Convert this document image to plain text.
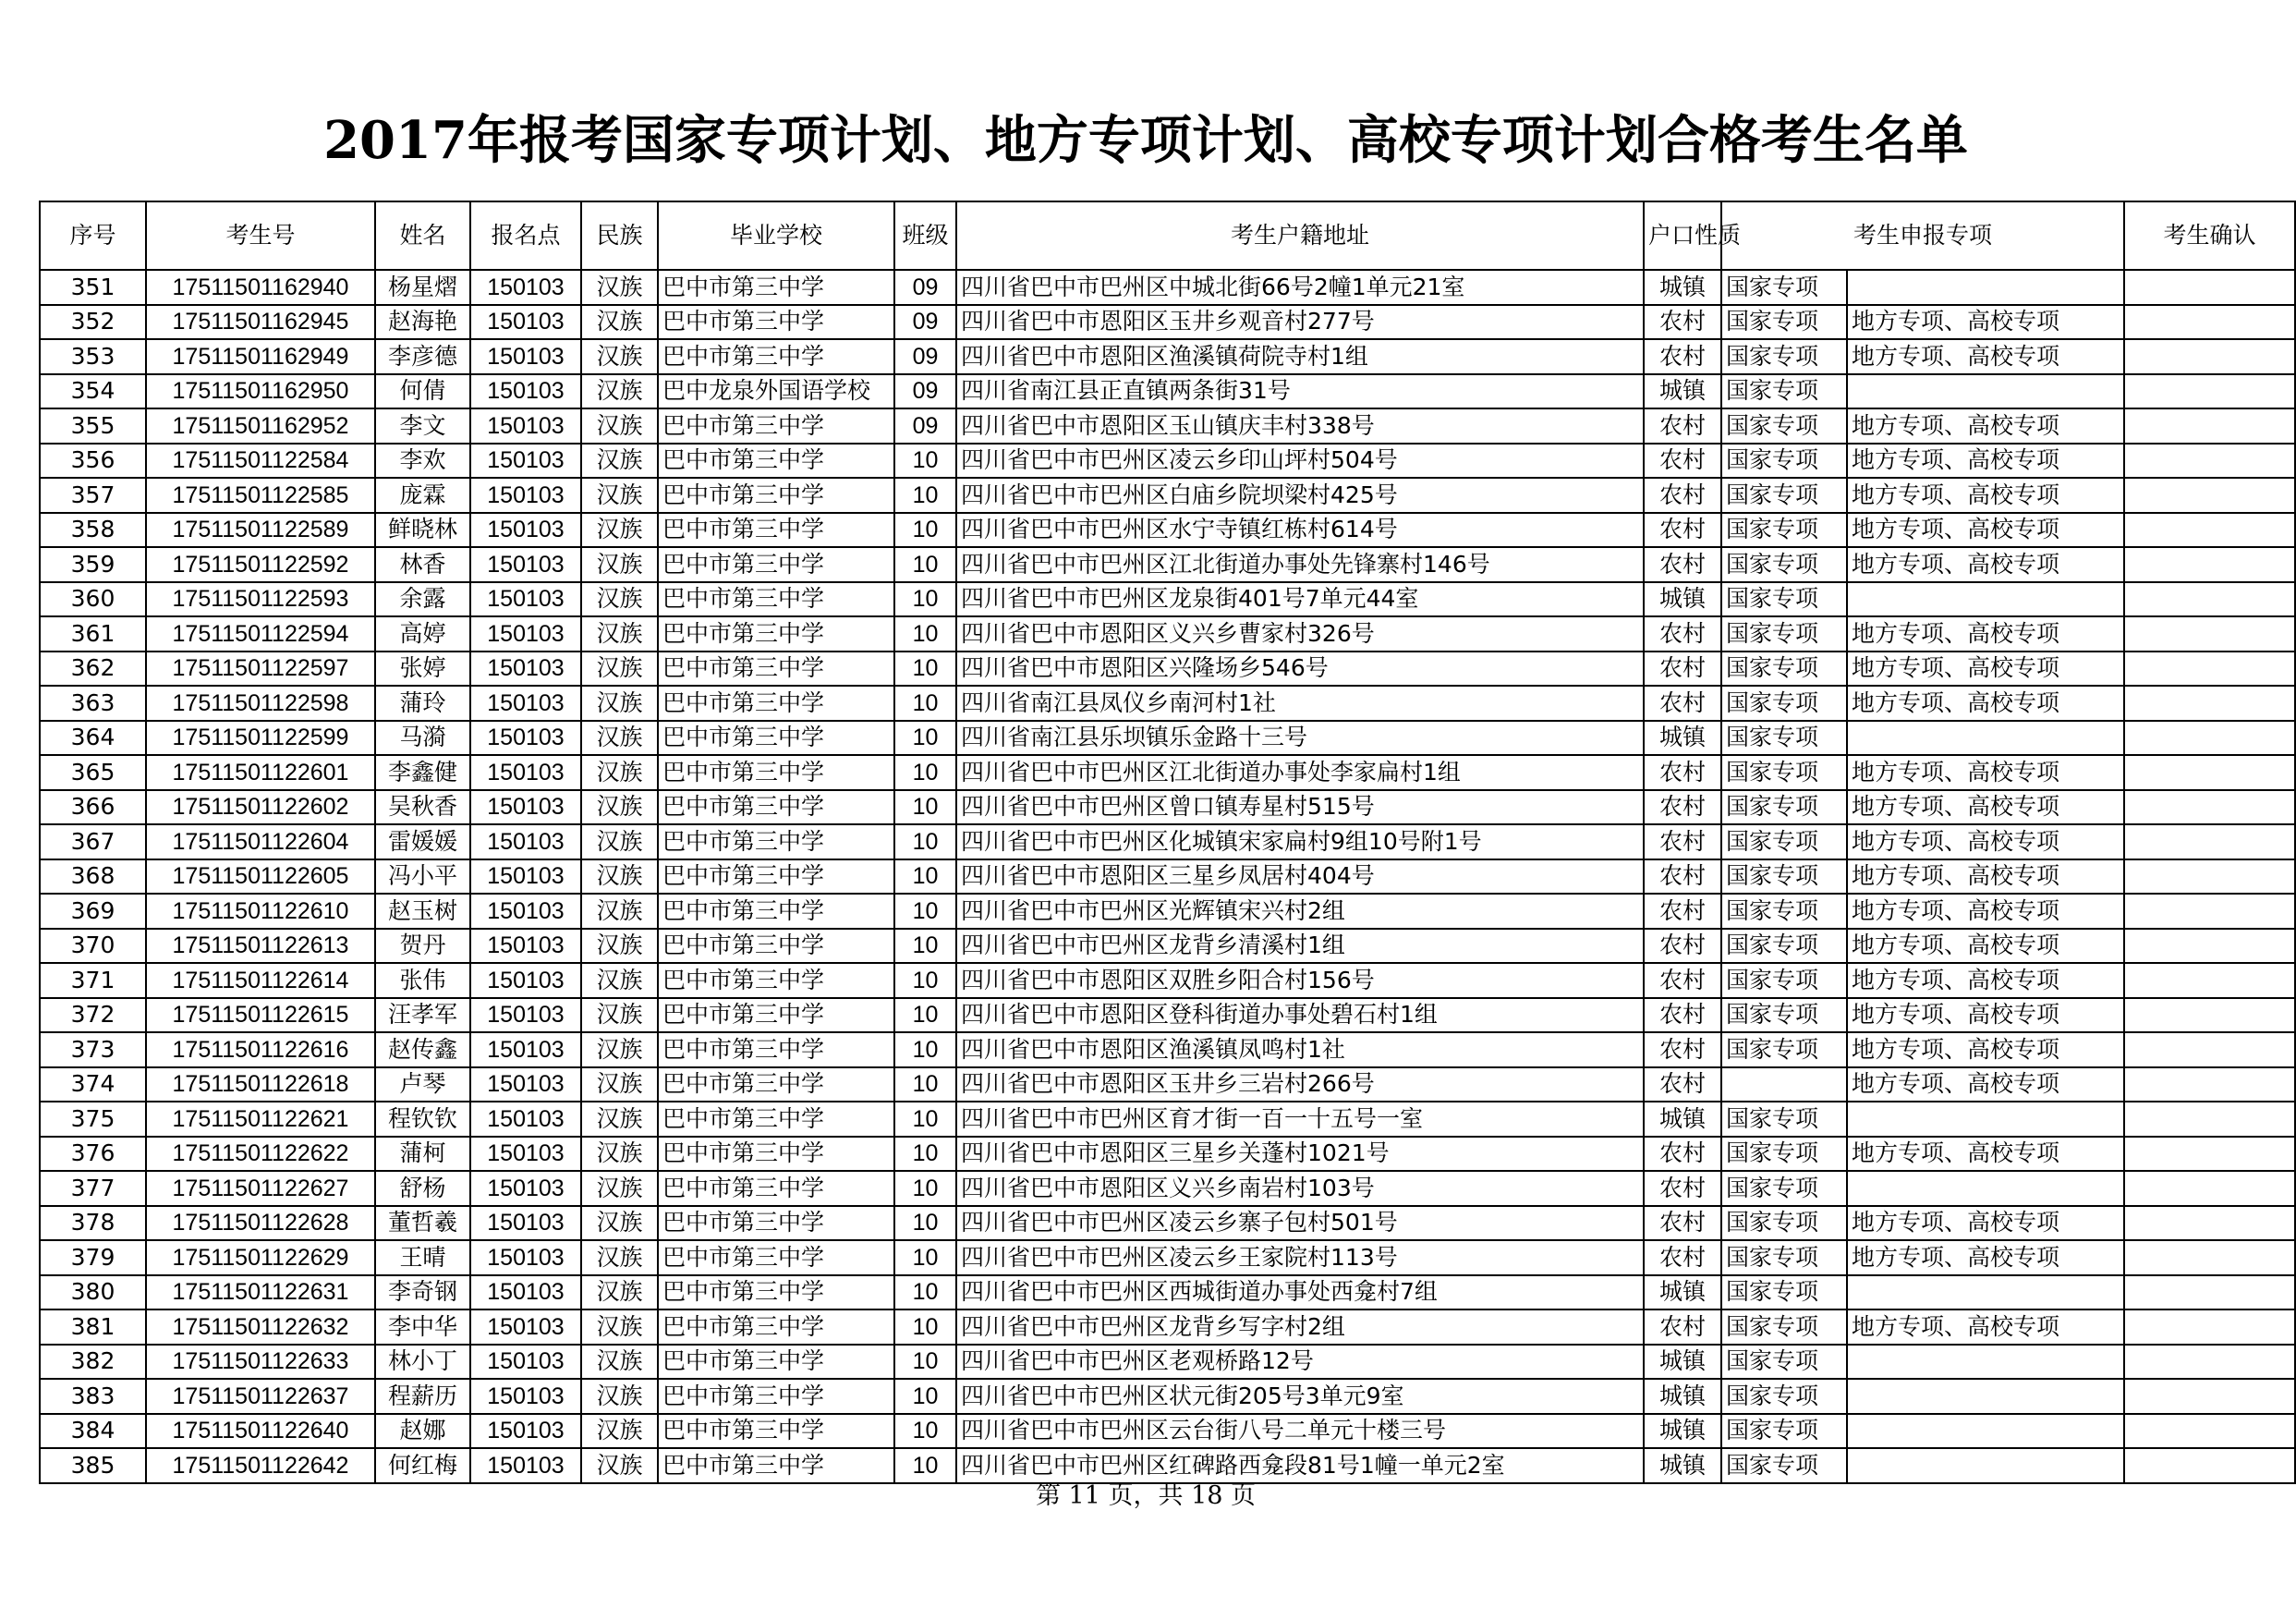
2017年报考国家专项计划、地方专项计划、高校专项计划合格考生名单
序号	考生号	姓名	报名点	民族	毕业学校	班级	考生户籍地址	户口性质	考生申报专项		考生确认
351	17511501162940	杨星熠	150103	汉族	巴中市第三中学	09	四川省巴中市巴州区中城北街66号2幢1单元21室	城镇	国家专项		
352	17511501162945	赵海艳	150103	汉族	巴中市第三中学	09	四川省巴中市恩阳区玉井乡观音村277号	农村	国家专项	地方专项、高校专项	
353	17511501162949	李彦德	150103	汉族	巴中市第三中学	09	四川省巴中市恩阳区渔溪镇荷院寺村1组	农村	国家专项	地方专项、高校专项	
354	17511501162950	何倩	150103	汉族	巴中龙泉外国语学校	09	四川省南江县正直镇两条街31号	城镇	国家专项		
355	17511501162952	李文	150103	汉族	巴中市第三中学	09	四川省巴中市恩阳区玉山镇庆丰村338号	农村	国家专项	地方专项、高校专项	
356	17511501122584	李欢	150103	汉族	巴中市第三中学	10	四川省巴中市巴州区凌云乡印山坪村504号	农村	国家专项	地方专项、高校专项	
357	17511501122585	庞霖	150103	汉族	巴中市第三中学	10	四川省巴中市巴州区白庙乡院坝梁村425号	农村	国家专项	地方专项、高校专项	
358	17511501122589	鲜晓林	150103	汉族	巴中市第三中学	10	四川省巴中市巴州区水宁寺镇红栋村614号	农村	国家专项	地方专项、高校专项	
359	17511501122592	林香	150103	汉族	巴中市第三中学	10	四川省巴中市巴州区江北街道办事处先锋寨村146号	农村	国家专项	地方专项、高校专项	
360	17511501122593	余露	150103	汉族	巴中市第三中学	10	四川省巴中市巴州区龙泉街401号7单元44室	城镇	国家专项		
361	17511501122594	高婷	150103	汉族	巴中市第三中学	10	四川省巴中市恩阳区义兴乡曹家村326号	农村	国家专项	地方专项、高校专项	
362	17511501122597	张婷	150103	汉族	巴中市第三中学	10	四川省巴中市恩阳区兴隆场乡546号	农村	国家专项	地方专项、高校专项	
363	17511501122598	蒲玲	150103	汉族	巴中市第三中学	10	四川省南江县凤仪乡南河村1社	农村	国家专项	地方专项、高校专项	
364	17511501122599	马漪	150103	汉族	巴中市第三中学	10	四川省南江县乐坝镇乐金路十三号	城镇	国家专项		
365	17511501122601	李鑫健	150103	汉族	巴中市第三中学	10	四川省巴中市巴州区江北街道办事处李家扁村1组	农村	国家专项	地方专项、高校专项	
366	17511501122602	吴秋香	150103	汉族	巴中市第三中学	10	四川省巴中市巴州区曾口镇寿星村515号	农村	国家专项	地方专项、高校专项	
367	17511501122604	雷媛媛	150103	汉族	巴中市第三中学	10	四川省巴中市巴州区化城镇宋家扁村9组10号附1号	农村	国家专项	地方专项、高校专项	
368	17511501122605	冯小平	150103	汉族	巴中市第三中学	10	四川省巴中市恩阳区三星乡凤居村404号	农村	国家专项	地方专项、高校专项	
369	17511501122610	赵玉树	150103	汉族	巴中市第三中学	10	四川省巴中市巴州区光辉镇宋兴村2组	农村	国家专项	地方专项、高校专项	
370	17511501122613	贺丹	150103	汉族	巴中市第三中学	10	四川省巴中市巴州区龙背乡清溪村1组	农村	国家专项	地方专项、高校专项	
371	17511501122614	张伟	150103	汉族	巴中市第三中学	10	四川省巴中市恩阳区双胜乡阳合村156号	农村	国家专项	地方专项、高校专项	
372	17511501122615	汪孝军	150103	汉族	巴中市第三中学	10	四川省巴中市恩阳区登科街道办事处碧石村1组	农村	国家专项	地方专项、高校专项	
373	17511501122616	赵传鑫	150103	汉族	巴中市第三中学	10	四川省巴中市恩阳区渔溪镇凤鸣村1社	农村	国家专项	地方专项、高校专项	
374	17511501122618	卢琴	150103	汉族	巴中市第三中学	10	四川省巴中市恩阳区玉井乡三岩村266号	农村		地方专项、高校专项	
375	17511501122621	程钦钦	150103	汉族	巴中市第三中学	10	四川省巴中市巴州区育才街一百一十五号一室	城镇	国家专项		
376	17511501122622	蒲柯	150103	汉族	巴中市第三中学	10	四川省巴中市恩阳区三星乡关蓬村1021号	农村	国家专项	地方专项、高校专项	
377	17511501122627	舒杨	150103	汉族	巴中市第三中学	10	四川省巴中市恩阳区义兴乡南岩村103号	农村	国家专项		
378	17511501122628	董哲羲	150103	汉族	巴中市第三中学	10	四川省巴中市巴州区凌云乡寨子包村501号	农村	国家专项	地方专项、高校专项	
379	17511501122629	王晴	150103	汉族	巴中市第三中学	10	四川省巴中市巴州区凌云乡王家院村113号	农村	国家专项	地方专项、高校专项	
380	17511501122631	李奇钢	150103	汉族	巴中市第三中学	10	四川省巴中市巴州区西城街道办事处西龛村7组	城镇	国家专项		
381	17511501122632	李中华	150103	汉族	巴中市第三中学	10	四川省巴中市巴州区龙背乡写字村2组	农村	国家专项	地方专项、高校专项	
382	17511501122633	林小丁	150103	汉族	巴中市第三中学	10	四川省巴中市巴州区老观桥路12号	城镇	国家专项		
383	17511501122637	程薪历	150103	汉族	巴中市第三中学	10	四川省巴中市巴州区状元街205号3单元9室	城镇	国家专项		
384	17511501122640	赵娜	150103	汉族	巴中市第三中学	10	四川省巴中市巴州区云台街八号二单元十楼三号	城镇	国家专项		
385	17511501122642	何红梅	150103	汉族	巴中市第三中学	10	四川省巴中市巴州区红碑路西龛段81号1幢一单元2室	城镇	国家专项		
第 11 页，共 18 页
